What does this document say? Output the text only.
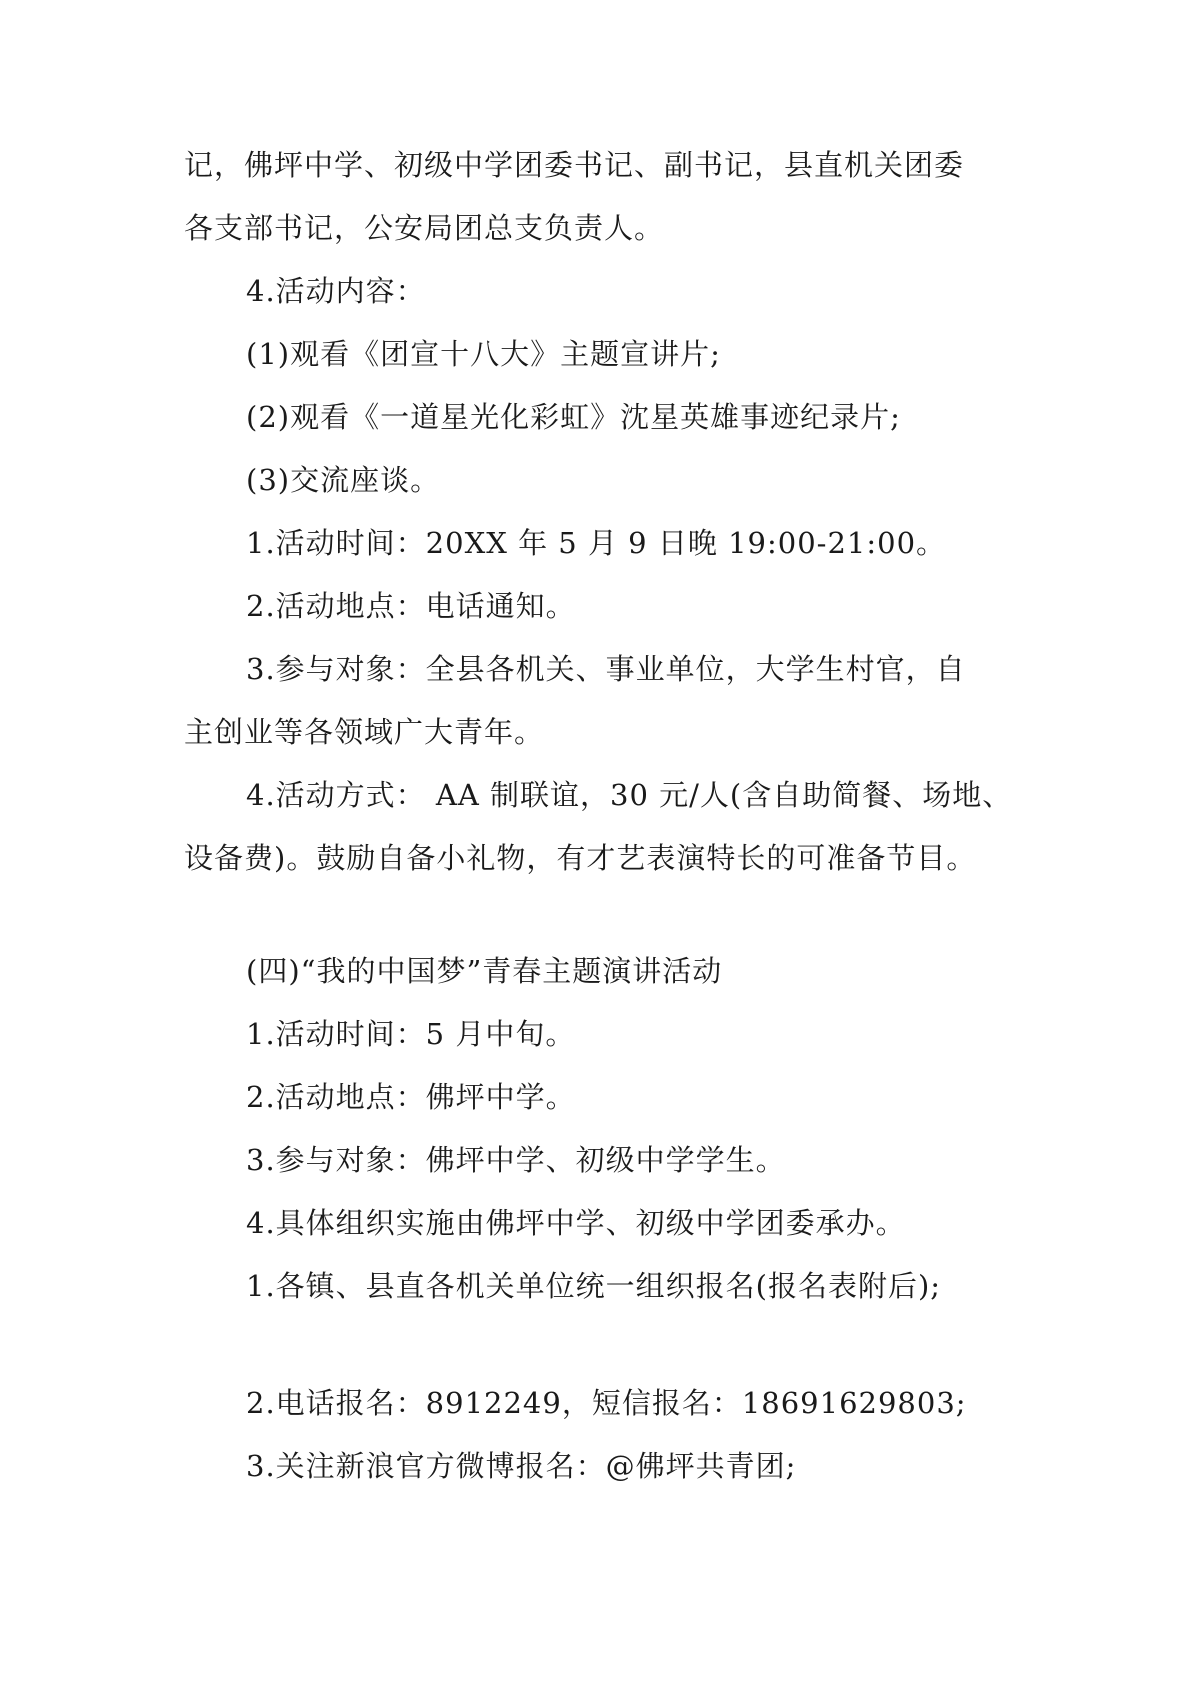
记，佛坪中学、初级中学团委书记、副书记，县直机关团委
各支部书记，公安局团总支负责人。
4.活动内容：
(1)观看《团宣十八大》主题宣讲片;
(2)观看《一道星光化彩虹》沈星英雄事迹纪录片;
(3)交流座谈。
1.活动时间：20XX 年 5 月 9 日晚 19:00-21:00。
2.活动地点：电话通知。
3.参与对象：全县各机关、事业单位，大学生村官，自
主创业等各领域广大青年。
4.活动方式： AA 制联谊，30 元/人(含自助简餐、场地、
设备费)。鼓励自备小礼物，有才艺表演特长的可准备节目。
(四)“我的中国梦”青春主题演讲活动
1.活动时间：5 月中旬。
2.活动地点：佛坪中学。
3.参与对象：佛坪中学、初级中学学生。
4.具体组织实施由佛坪中学、初级中学团委承办。
1.各镇、县直各机关单位统一组织报名(报名表附后);
2.电话报名：8912249，短信报名：18691629803;
3.关注新浪官方微博报名：@佛坪共青团;
